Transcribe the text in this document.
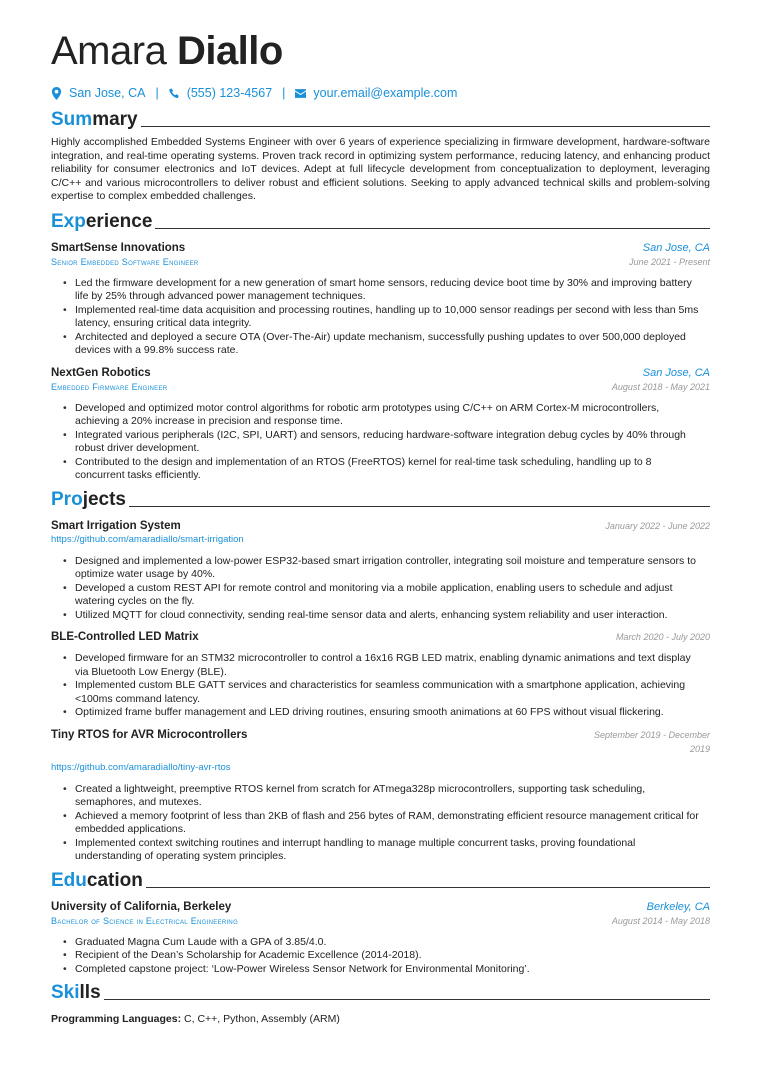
Amara Diallo
San Jose, CA | (555) 123-4567 | your.email@example.com
Summary
Highly accomplished Embedded Systems Engineer with over 6 years of experience specializing in firmware development, hardware-software integration, and real-time operating systems. Proven track record in optimizing system performance, reducing latency, and enhancing product reliability for consumer electronics and IoT devices. Adept at full lifecycle development from conceptualization to deployment, leveraging C/C++ and various microcontrollers to deliver robust and efficient solutions. Seeking to apply advanced technical skills and problem-solving expertise to complex embedded challenges.
Experience
SmartSense Innovations
Senior Embedded Software Engineer
San Jose, CA
June 2021 - Present
• Led the firmware development for a new generation of smart home sensors, reducing device boot time by 30% and improving battery life by 25% through advanced power management techniques.
• Implemented real-time data acquisition and processing routines, handling up to 10,000 sensor readings per second with less than 5ms latency, ensuring critical data integrity.
• Architected and deployed a secure OTA (Over-The-Air) update mechanism, successfully pushing updates to over 500,000 deployed devices with a 99.8% success rate.
NextGen Robotics
Embedded Firmware Engineer
San Jose, CA
August 2018 - May 2021
• Developed and optimized motor control algorithms for robotic arm prototypes using C/C++ on ARM Cortex-M microcontrollers, achieving a 20% increase in precision and response time.
• Integrated various peripherals (I2C, SPI, UART) and sensors, reducing hardware-software integration debug cycles by 40% through robust driver development.
• Contributed to the design and implementation of an RTOS (FreeRTOS) kernel for real-time task scheduling, handling up to 8 concurrent tasks efficiently.
Projects
Smart Irrigation System
https://github.com/amaradiallo/smart-irrigation
January 2022 - June 2022
• Designed and implemented a low-power ESP32-based smart irrigation controller, integrating soil moisture and temperature sensors to optimize water usage by 40%.
• Developed a custom REST API for remote control and monitoring via a mobile application, enabling users to schedule and adjust watering cycles on the fly.
• Utilized MQTT for cloud connectivity, sending real-time sensor data and alerts, enhancing system reliability and user interaction.
BLE-Controlled LED Matrix	March 2020 - July 2020
• Developed firmware for an STM32 microcontroller to control a 16x16 RGB LED matrix, enabling dynamic animations and text display via Bluetooth Low Energy (BLE).
• Implemented custom BLE GATT services and characteristics for seamless communication with a smartphone application, achieving <100ms command latency.
• Optimized frame buffer management and LED driving routines, ensuring smooth animations at 60 FPS without visual flickering.
Tiny RTOS for AVR Microcontrollers	September 2019 - December 2019
https://github.com/amaradiallo/tiny-avr-rtos
• Created a lightweight, preemptive RTOS kernel from scratch for ATmega328p microcontrollers, supporting task scheduling, semaphores, and mutexes.
• Achieved a memory footprint of less than 2KB of flash and 256 bytes of RAM, demonstrating efficient resource management critical for embedded applications.
• Implemented context switching routines and interrupt handling to manage multiple concurrent tasks, proving foundational understanding of operating system principles.
Education
University of California, Berkeley
Bachelor of Science in Electrical Engineering
Berkeley, CA
August 2014 - May 2018
• Graduated Magna Cum Laude with a GPA of 3.85/4.0.
• Recipient of the Dean’s Scholarship for Academic Excellence (2014-2018).
• Completed capstone project: ‘Low-Power Wireless Sensor Network for Environmental Monitoring’.
Skills
Programming Languages: C, C++, Python, Assembly (ARM)
